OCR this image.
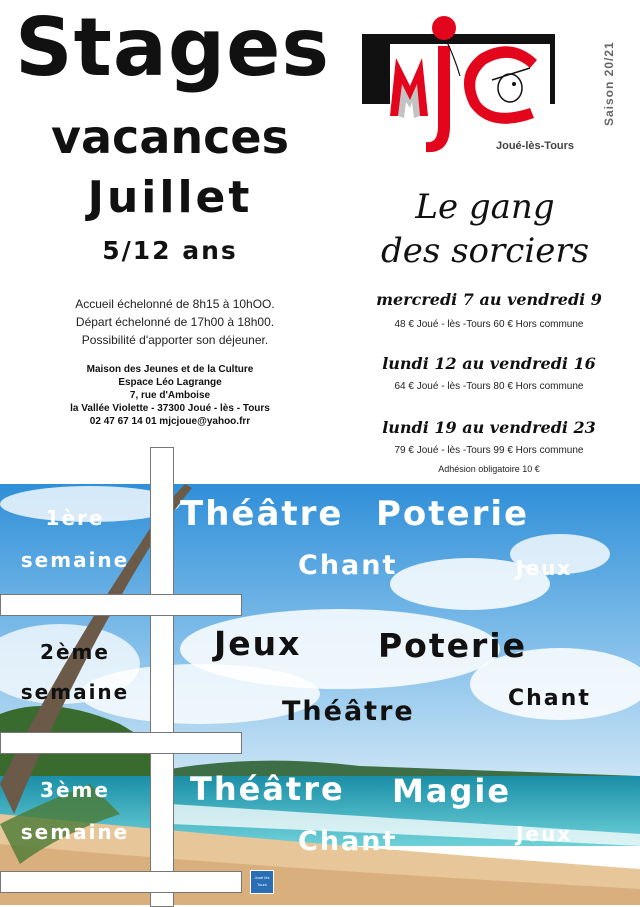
Stages
vacances
Juillet
5/12 ans
Accueil échelonné de 8h15 à 10hOO.
Départ échelonné de 17h00 à 18h00.
Possibilité d'apporter son déjeuner.
Maison des Jeunes et de la Culture
Espace Léo Lagrange
7, rue d'Amboise
la Vallée Violette - 37300 Joué - lès - Tours
02 47 67 14 01 mjcjoue@yahoo.frr
Saison 20/21
Joué-lès-Tours
Le gang
des sorciers
mercredi 7 au vendredi 9
48 € Joué - lès -Tours 60 € Hors commune
lundi 12 au vendredi 16
64 € Joué - lès -Tours 80 € Hors commune
lundi 19 au vendredi 23
79 € Joué - lès -Tours 99 € Hors commune
Adhésion obligatoire 10 €
1ère
semaine
2ème
semaine
3ème
semaine
Théâtre Poterie
Chant	Jeux
Jeux Poterie
Chant
Théâtre
Théâtre Magie
Chant	Jeux
Joué lès Tours
